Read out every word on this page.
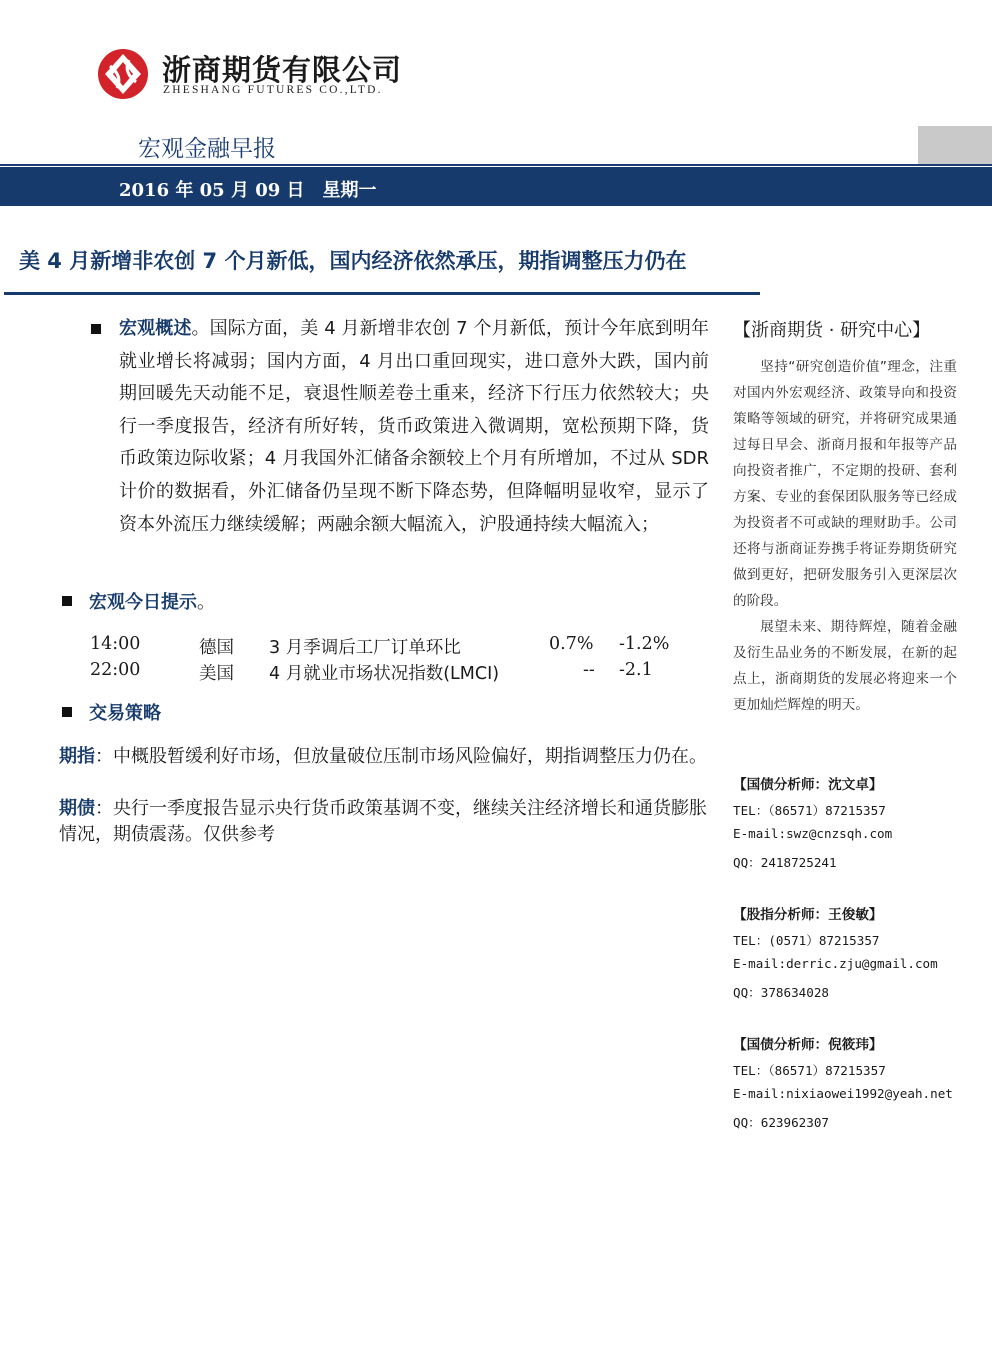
浙商期货有限公司
ZHESHANG FUTURES CO.,LTD.
宏观金融早报
2016 年 05 月 09 日　星期一
美 4 月新增非农创 7 个月新低，国内经济依然承压，期指调整压力仍在
宏观概述。国际方面，美 4 月新增非农创 7 个月新低，预计今年底到明年就业增长将减弱；国内方面，4 月出口重回现实，进口意外大跌，国内前期回暖先天动能不足，衰退性顺差卷土重来，经济下行压力依然较大；央行一季度报告，经济有所好转，货币政策进入微调期，宽松预期下降，货币政策边际收紧；4 月我国外汇储备余额较上个月有所增加，不过从 SDR 计价的数据看，外汇储备仍呈现不断下降态势，但降幅明显收窄，显示了资本外流压力继续缓解；两融余额大幅流入，沪股通持续大幅流入；
宏观今日提示。
14:00	德国 3 月季调后工厂订单环比	0.7% -1.2%
22:00	美国 4 月就业市场状况指数(LMCI)	-- -2.1
交易策略
期指：中概股暂缓利好市场，但放量破位压制市场风险偏好，期指调整压力仍在。
期债：央行一季度报告显示央行货币政策基调不变，继续关注经济增长和通货膨胀情况，期债震荡。仅供参考
【浙商期货 · 研究中心】
坚持“研究创造价值”理念，注重对国内外宏观经济、政策导向和投资策略等领域的研究，并将研究成果通过每日早会、浙商月报和年报等产品向投资者推广，不定期的投研、套利方案、专业的套保团队服务等已经成为投资者不可或缺的理财助手。公司还将与浙商证券携手将证券期货研究做到更好，把研发服务引入更深层次的阶段。
展望未来、期待辉煌，随着金融及衍生品业务的不断发展，在新的起点上，浙商期货的发展必将迎来一个更加灿烂辉煌的明天。
【国债分析师：沈文卓】
TEL：（86571）87215357
E-mail:swz@cnzsqh.com
QQ：2418725241
【股指分析师：王俊敏】
TEL：(0571）87215357
E-mail:derric.zju@gmail.com
QQ：378634028
【国债分析师：倪筱玮】
TEL：（86571）87215357
E-mail:nixiaowei1992@yeah.net
QQ：623962307
